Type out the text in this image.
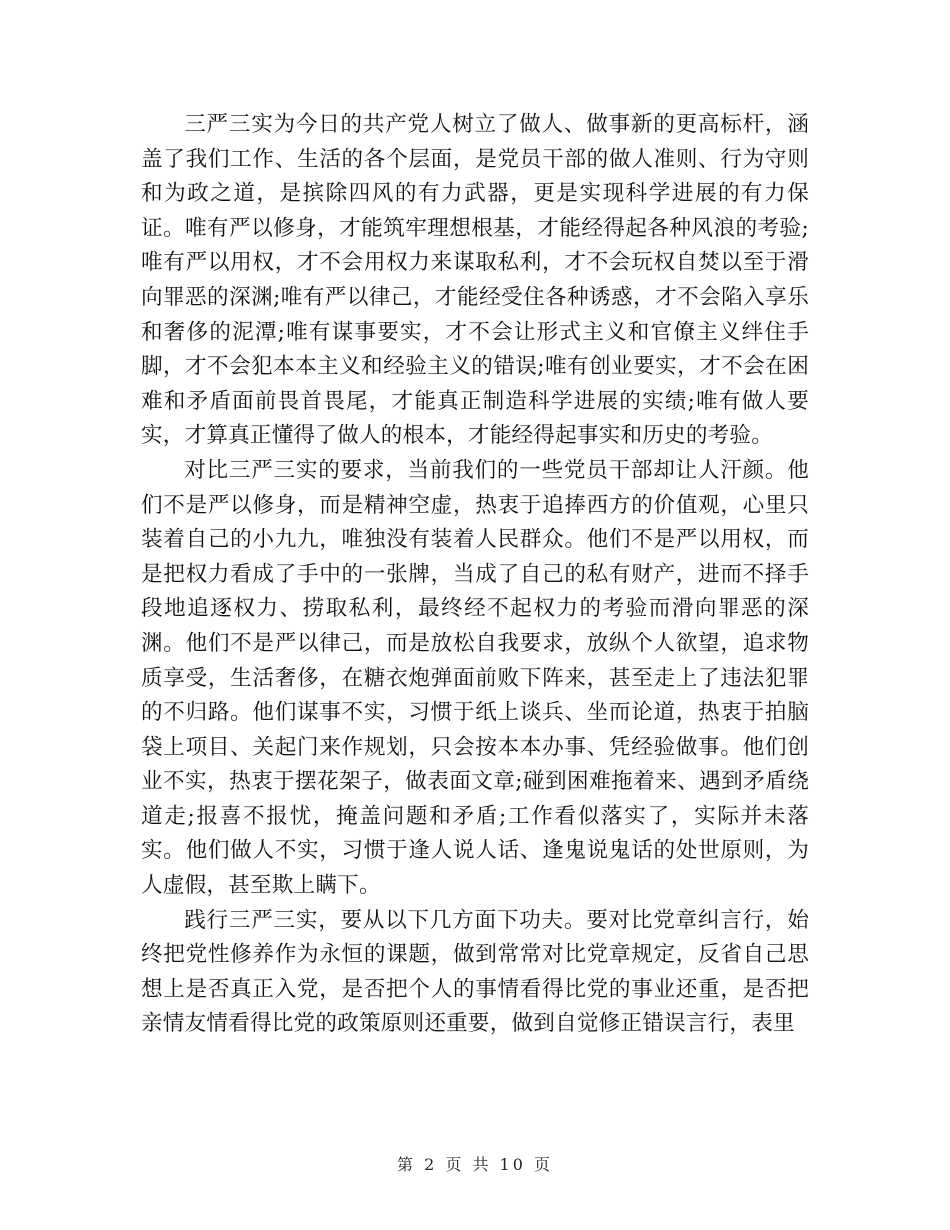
三严三实为今日的共产党人树立了做人、做事新的更高标杆，涵盖了我们工作、生活的各个层面，是党员干部的做人准则、行为守则和为政之道，是摈除四风的有力武器，更是实现科学进展的有力保证。唯有严以修身，才能筑牢理想根基，才能经得起各种风浪的考验;唯有严以用权，才不会用权力来谋取私利，才不会玩权自焚以至于滑向罪恶的深渊;唯有严以律己，才能经受住各种诱惑，才不会陷入享乐和奢侈的泥潭;唯有谋事要实，才不会让形式主义和官僚主义绊住手脚，才不会犯本本主义和经验主义的错误;唯有创业要实，才不会在困难和矛盾面前畏首畏尾，才能真正制造科学进展的实绩;唯有做人要实，才算真正懂得了做人的根本，才能经得起事实和历史的考验。

对比三严三实的要求，当前我们的一些党员干部却让人汗颜。他们不是严以修身，而是精神空虚，热衷于追捧西方的价值观，心里只装着自己的小九九，唯独没有装着人民群众。他们不是严以用权，而是把权力看成了手中的一张牌，当成了自己的私有财产，进而不择手段地追逐权力、捞取私利，最终经不起权力的考验而滑向罪恶的深渊。他们不是严以律己，而是放松自我要求，放纵个人欲望，追求物质享受，生活奢侈，在糖衣炮弹面前败下阵来，甚至走上了违法犯罪的不归路。他们谋事不实，习惯于纸上谈兵、坐而论道，热衷于拍脑袋上项目、关起门来作规划，只会按本本办事、凭经验做事。他们创业不实，热衷于摆花架子，做表面文章;碰到困难拖着来、遇到矛盾绕道走;报喜不报忧，掩盖问题和矛盾;工作看似落实了，实际并未落实。他们做人不实，习惯于逢人说人话、逢鬼说鬼话的处世原则，为人虚假，甚至欺上瞒下。

践行三严三实，要从以下几方面下功夫。要对比党章纠言行，始终把党性修养作为永恒的课题，做到常常对比党章规定，反省自己思想上是否真正入党，是否把个人的事情看得比党的事业还重，是否把亲情友情看得比党的政策原则还重要，做到自觉修正错误言行，表里

第 2 页 共 10 页
